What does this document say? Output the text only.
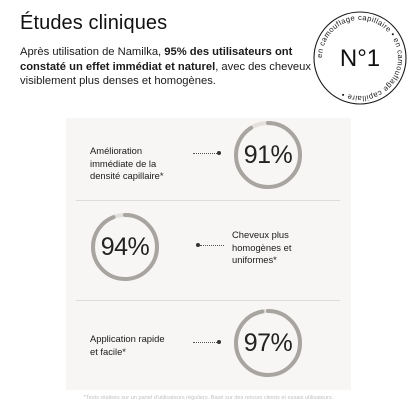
Études cliniques

Après utilisation de Namilka, 95% des utilisateurs ont constaté un effet immédiat et naturel, avec des cheveux visiblement plus denses et homogènes.

en camouflage capillaire • en camouflage capillaire •
N°1
Amélioration
immédiate de la
densité capillaire*
91%
94%	Cheveux plus
homogènes et
uniformes*
Application rapide
et facile*	97%
*Tests réalisés sur un panel d'utilisateurs réguliers. Basé sur des retours clients et essais utilisateurs.
